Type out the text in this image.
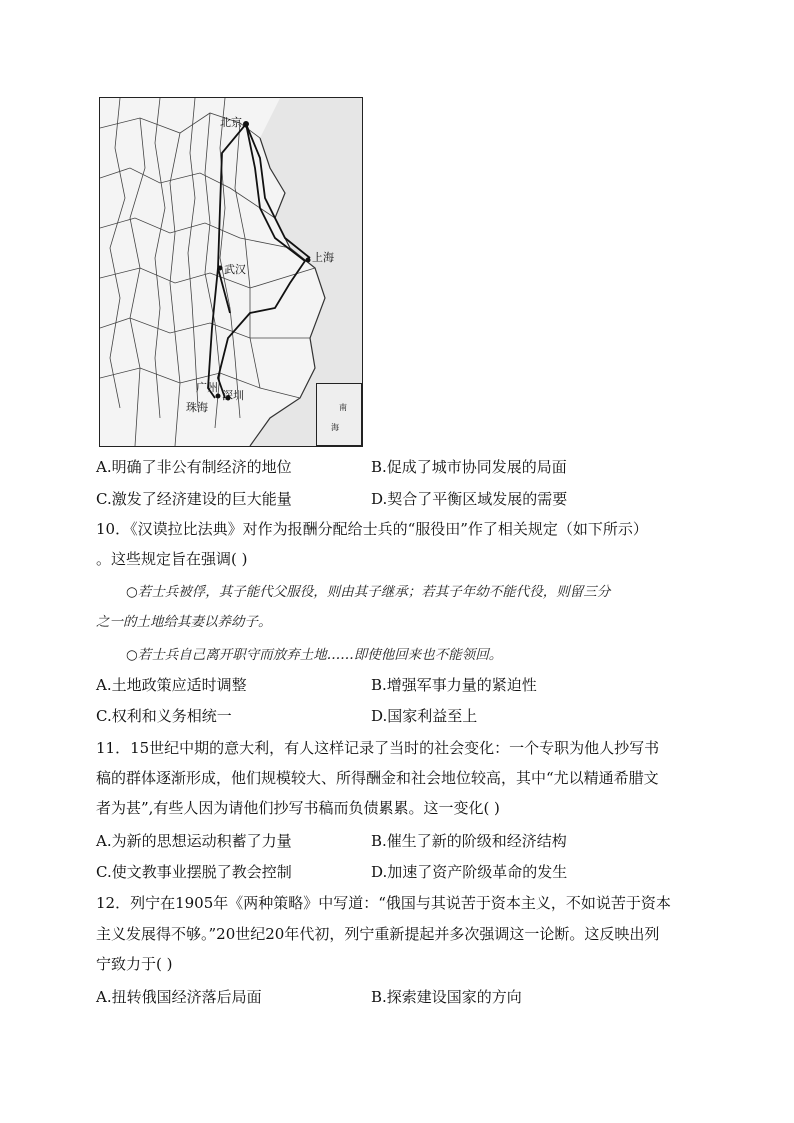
北京
武汉
上海
广州
深圳
珠海	南
海
A.明确了非公有制经济的地位	B.促成了城市协同发展的局面
C.激发了经济建设的巨大能量	D.契合了平衡区域发展的需要
10．《汉谟拉比法典》对作为报酬分配给士兵的“服役田”作了相关规定（如下所示）
。这些规定旨在强调( )
○若士兵被俘，其子能代父服役，则由其子继承；若其子年幼不能代役，则留三分
之一的土地给其妻以养幼子。
○若士兵自己离开职守而放弃土地……即使他回来也不能领回。
A.土地政策应适时调整	B.增强军事力量的紧迫性
C.权利和义务相统一	D.国家利益至上
11．15世纪中期的意大利，有人这样记录了当时的社会变化：一个专职为他人抄写书
稿的群体逐渐形成，他们规模较大、所得酬金和社会地位较高，其中“尤以精通希腊文
者为甚”,有些人因为请他们抄写书稿而负债累累。这一变化( )
A.为新的思想运动积蓄了力量	B.催生了新的阶级和经济结构
C.使文教事业摆脱了教会控制	D.加速了资产阶级革命的发生
12．列宁在1905年《两种策略》中写道：“俄国与其说苦于资本主义，不如说苦于资本
主义发展得不够。”20世纪20年代初，列宁重新提起并多次强调这一论断。这反映出列
宁致力于( )
A.扭转俄国经济落后局面	B.探索建设国家的方向
